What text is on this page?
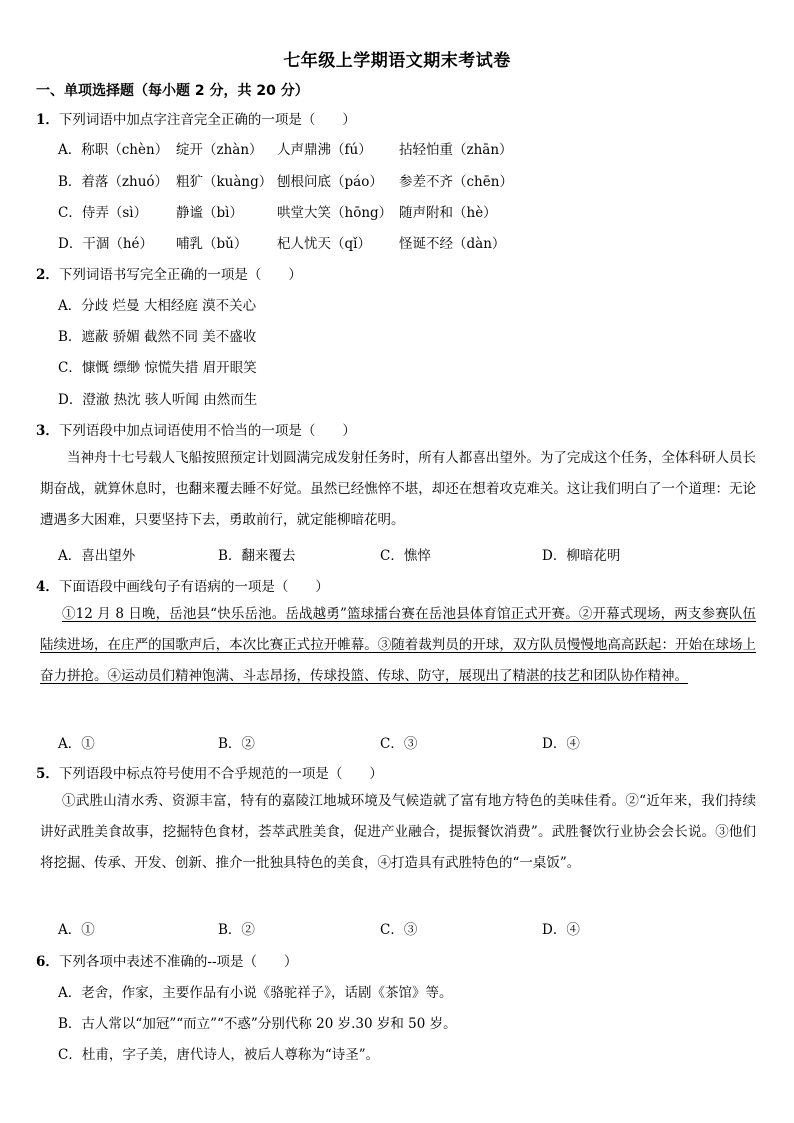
七年级上学期语文期末考试卷
一、单项选择题（每小题 2 分，共 20 分）
1．下列词语中加点字注音完全正确的一项是（　　）
A．称职（chèn） 绽开（zhàn） 人声鼎沸（fú） 拈轻怕重（zhān）
B．着落（zhuó） 粗犷（kuàng） 刨根问底（páo） 参差不齐（chēn）
C．侍弄（sì） 静谧（bì）	哄堂大笑（hōng） 随声附和（hè）
D．干涸（hé） 哺乳（bǔ） 杞人忧天（qǐ） 怪诞不经（dàn）
2．下列词语书写完全正确的一项是（　　）
A．分歧 烂曼 大相经庭 漠不关心
B．遮蔽 骄媚 截然不同 美不盛收
C．慷慨 缥缈 惊慌失措 眉开眼笑
D．澄澈 热沈 骇人听闻 由然而生
3．下列语段中加点词语使用不恰当的一项是（　　）
当神舟十七号载人飞船按照预定计划圆满完成发射任务时，所有人都喜出望外。为了完成这个任务，全体科研人员长期奋战，就算休息时，也翻来覆去睡不好觉。虽然已经憔悴不堪，却还在想着攻克难关。这让我们明白了一个道理：无论遭遇多大困难，只要坚持下去，勇敢前行，就定能柳暗花明。
A．喜出望外	B．翻来覆去	C．憔悴	D．柳暗花明
4．下面语段中画线句子有语病的一项是（　　）
①12 月 8 日晚，岳池县“快乐岳池。岳战越勇”篮球擂台赛在岳池县体育馆正式开赛。②开幕式现场，两支参赛队伍陆续进场，在庄严的国歌声后，本次比赛正式拉开帷幕。③随着裁判员的开球，双方队员慢慢地高高跃起：开始在球场上奋力拼抢。④运动员们精神饱满、斗志昂扬，传球投篮、传球、防守，展现出了精湛的技艺和团队协作精神。
A．①	B．②	C．③	D．④
5．下列语段中标点符号使用不合乎规范的一项是（　　）
①武胜山清水秀、资源丰富，特有的嘉陵江地城环境及气候造就了富有地方特色的美味佳肴。②“近年来，我们持续讲好武胜美食故事，挖掘特色食材，荟萃武胜美食，促进产业融合，提振餐饮消费”。武胜餐饮行业协会会长说。③他们将挖掘、传承、开发、创新、推介一批独具特色的美食，④打造具有武胜特色的“一桌饭”。
A．①	B．②	C．③	D．④
6．下列各项中表述不准确的--项是（　　）
A．老舍，作家，主要作品有小说《骆驼祥子》，话剧《茶馆》等。
B．古人常以“加冠”“而立”“不惑”分别代称 20 岁.30 岁和 50 岁。
C．杜甫，字子美，唐代诗人，被后人尊称为“诗圣”。
